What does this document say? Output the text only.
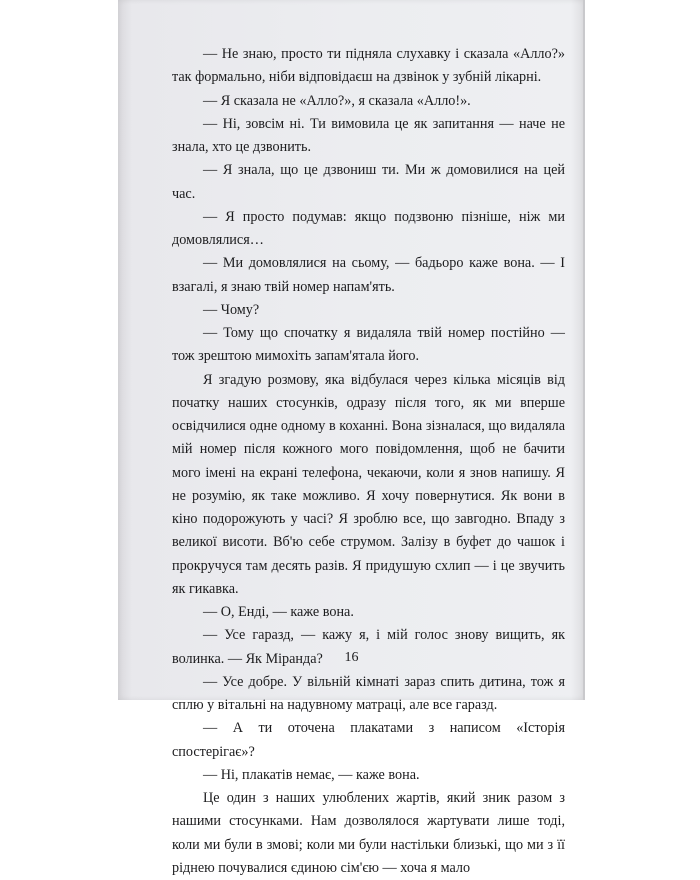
— Не знаю, просто ти підняла слухавку і сказала «Алло?» так формально, ніби відповідаєш на дзвінок у зубній лікарні.

— Я сказала не «Алло?», я сказала «Алло!».

— Ні, зовсім ні. Ти вимовила це як запитання — наче не знала, хто це дзвонить.

— Я знала, що це дзвониш ти. Ми ж домовилися на цей час.

— Я просто подумав: якщо подзвоню пізніше, ніж ми домовлялися…

— Ми домовлялися на сьому, — бадьоро каже вона. — І взагалі, я знаю твій номер напам'ять.

— Чому?

— Тому що спочатку я видаляла твій номер постійно — тож зрештою мимохіть запам'ятала його.

Я згадую розмову, яка відбулася через кілька місяців від початку наших стосунків, одразу після того, як ми вперше освідчилися одне одному в коханні. Вона зізналася, що видаляла мій номер після кожного мого повідомлення, щоб не бачити мого імені на екрані телефона, чекаючи, коли я знов напишу. Я не розумію, як таке можливо. Я хочу повернутися. Як вони в кіно подорожують у часі? Я зроблю все, що завгодно. Впаду з великої висоти. Вб'ю себе струмом. Залізу в буфет до чашок і прокручуся там десять разів. Я придушую схлип — і це звучить як гикавка.

— О, Енді, — каже вона.

— Усе гаразд, — кажу я, і мій голос знову вищить, як волинка. — Як Міранда?

— Усе добре. У вільній кімнаті зараз спить дитина, тож я сплю у вітальні на надувному матраці, але все гаразд.

— А ти оточена плакатами з написом «Історія спостерігає»?

— Ні, плакатів немає, — каже вона.

Це один з наших улюблених жартів, який зник разом з нашими стосунками. Нам дозволялося жартувати лише тоді, коли ми були в змові; коли ми були настільки близькі, що ми з її ріднею почувалися єдиною сім'єю — хоча я мало

16
